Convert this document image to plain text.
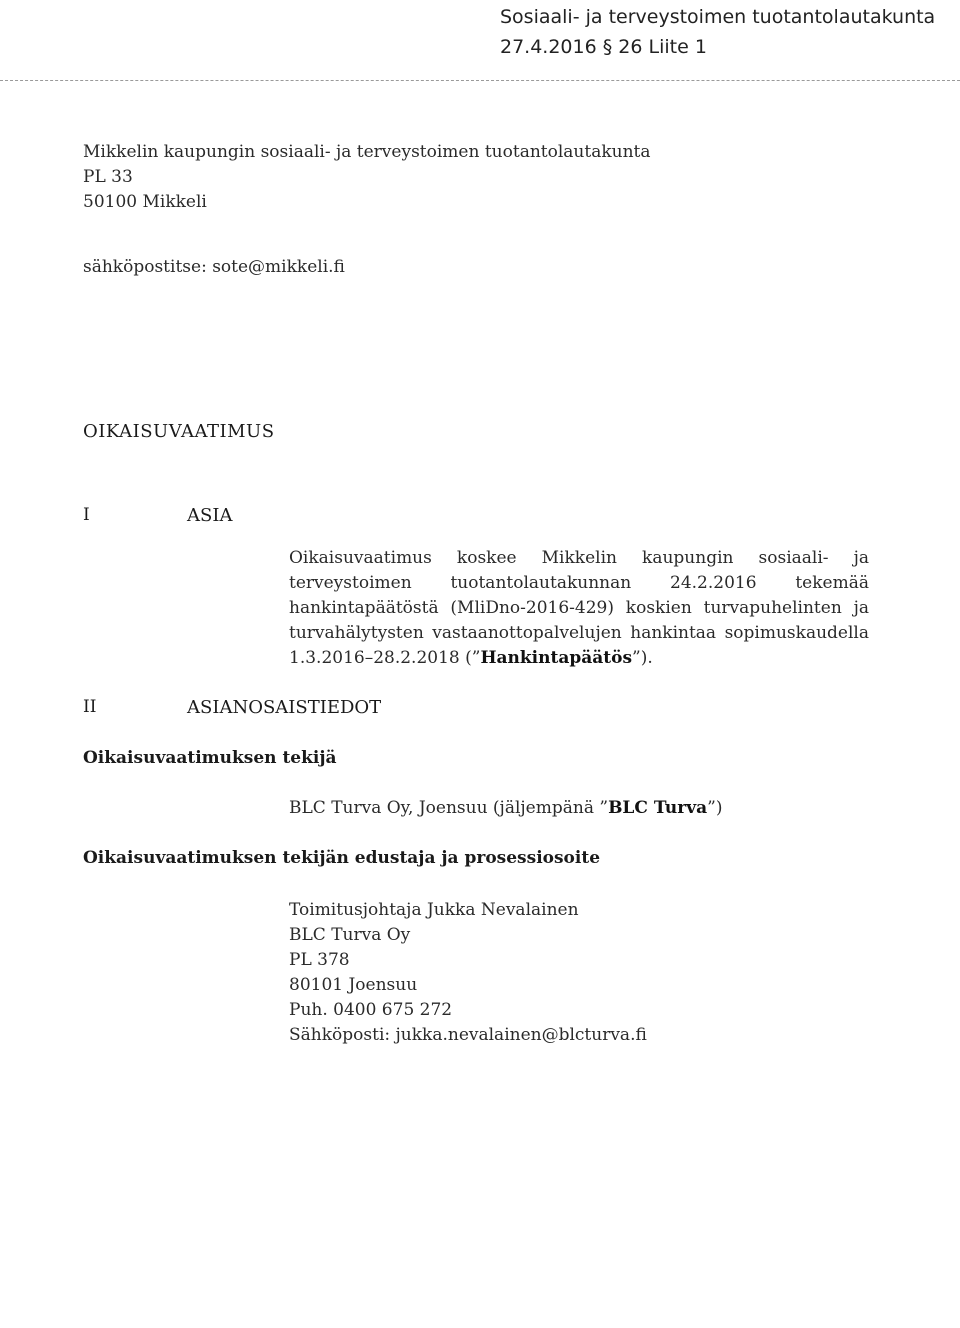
Sosiaali- ja terveystoimen tuotantolautakunta
27.4.2016 § 26 Liite 1
Mikkelin kaupungin sosiaali- ja terveystoimen tuotantolautakunta
PL 33
50100 Mikkeli
sähköpostitse: sote@mikkeli.fi
OIKAISUVAATIMUS
I	ASIA
Oikaisuvaatimus koskee Mikkelin kaupungin sosiaali- ja terveystoimen tuotantolautakunnan 24.2.2016 tekemää hankintapäätöstä (MliDno-2016-429) koskien turvapuhelinten ja turvahälytysten vastaanottopalvelujen hankintaa sopimuskaudella 1.3.2016–28.2.2018 (”Hankintapäätös”).
II	ASIANOSAISTIEDOT
Oikaisuvaatimuksen tekijä
BLC Turva Oy, Joensuu (jäljempänä ”BLC Turva”)
Oikaisuvaatimuksen tekijän edustaja ja prosessiosoite
Toimitusjohtaja Jukka Nevalainen
BLC Turva Oy
PL 378
80101 Joensuu
Puh. 0400 675 272
Sähköposti: jukka.nevalainen@blcturva.fi
